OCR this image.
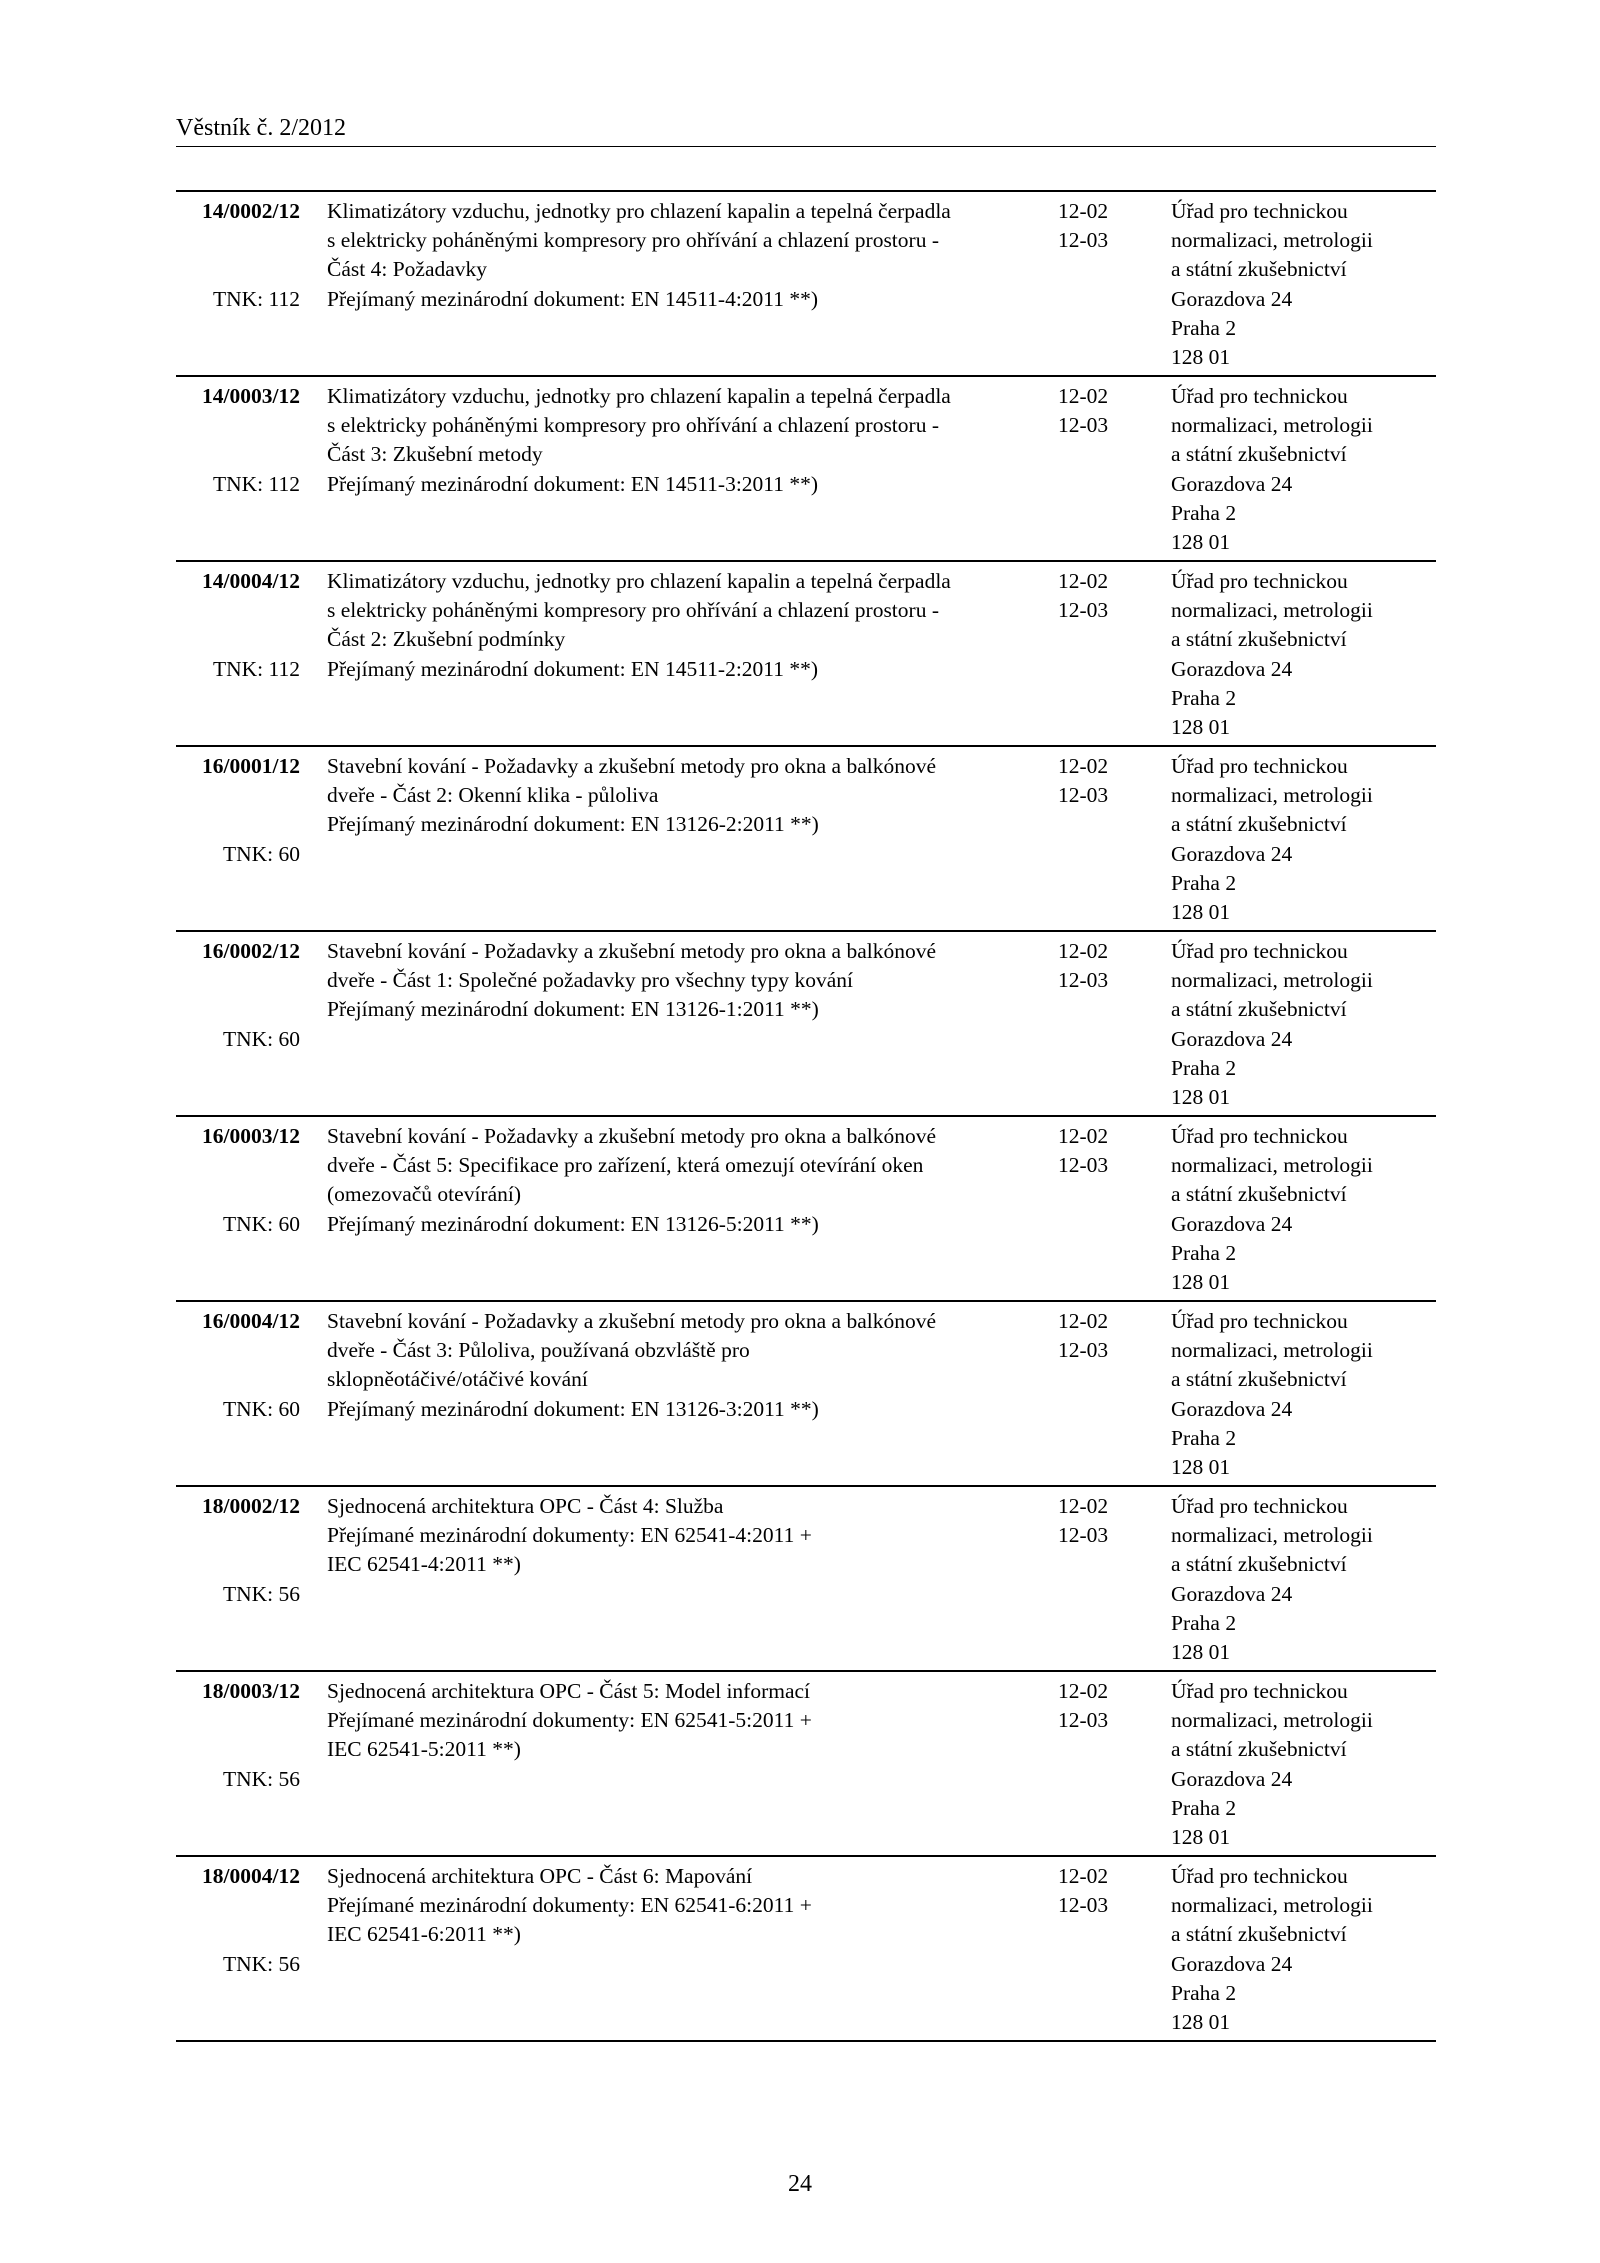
Věstník č. 2/2012
14/0002/12
TNK: 112
Klimatizátory vzduchu, jednotky pro chlazení kapalin a tepelná čerpadla
s elektricky poháněnými kompresory pro ohřívání a chlazení prostoru -
Část 4: Požadavky
Přejímaný mezinárodní dokument: EN 14511-4:2011 **)
12-02
12-03
Úřad pro technickou
normalizaci, metrologii
a státní zkušebnictví
Gorazdova 24
Praha 2
128 01
14/0003/12
TNK: 112
Klimatizátory vzduchu, jednotky pro chlazení kapalin a tepelná čerpadla
s elektricky poháněnými kompresory pro ohřívání a chlazení prostoru -
Část 3: Zkušební metody
Přejímaný mezinárodní dokument: EN 14511-3:2011 **)
12-02
12-03
Úřad pro technickou
normalizaci, metrologii
a státní zkušebnictví
Gorazdova 24
Praha 2
128 01
14/0004/12
TNK: 112
Klimatizátory vzduchu, jednotky pro chlazení kapalin a tepelná čerpadla
s elektricky poháněnými kompresory pro ohřívání a chlazení prostoru -
Část 2: Zkušební podmínky
Přejímaný mezinárodní dokument: EN 14511-2:2011 **)
12-02
12-03
Úřad pro technickou
normalizaci, metrologii
a státní zkušebnictví
Gorazdova 24
Praha 2
128 01
16/0001/12
TNK: 60
Stavební kování - Požadavky a zkušební metody pro okna a balkónové
dveře - Část 2: Okenní klika - půloliva
Přejímaný mezinárodní dokument: EN 13126-2:2011 **)
12-02
12-03
Úřad pro technickou
normalizaci, metrologii
a státní zkušebnictví
Gorazdova 24
Praha 2
128 01
16/0002/12
TNK: 60
Stavební kování - Požadavky a zkušební metody pro okna a balkónové
dveře - Část 1: Společné požadavky pro všechny typy kování
Přejímaný mezinárodní dokument: EN 13126-1:2011 **)
12-02
12-03
Úřad pro technickou
normalizaci, metrologii
a státní zkušebnictví
Gorazdova 24
Praha 2
128 01
16/0003/12
TNK: 60
Stavební kování - Požadavky a zkušební metody pro okna a balkónové
dveře - Část 5: Specifikace pro zařízení, která omezují otevírání oken
(omezovačů otevírání)
Přejímaný mezinárodní dokument: EN 13126-5:2011 **)
12-02
12-03
Úřad pro technickou
normalizaci, metrologii
a státní zkušebnictví
Gorazdova 24
Praha 2
128 01
16/0004/12
TNK: 60
Stavební kování - Požadavky a zkušební metody pro okna a balkónové
dveře - Část 3: Půloliva, používaná obzvláště pro
sklopněotáčivé/otáčivé kování
Přejímaný mezinárodní dokument: EN 13126-3:2011 **)
12-02
12-03
Úřad pro technickou
normalizaci, metrologii
a státní zkušebnictví
Gorazdova 24
Praha 2
128 01
18/0002/12
TNK: 56
Sjednocená architektura OPC - Část 4: Služba
Přejímané mezinárodní dokumenty: EN 62541-4:2011 +
IEC 62541-4:2011 **)
12-02
12-03
Úřad pro technickou
normalizaci, metrologii
a státní zkušebnictví
Gorazdova 24
Praha 2
128 01
18/0003/12
TNK: 56
Sjednocená architektura OPC - Část 5: Model informací
Přejímané mezinárodní dokumenty: EN 62541-5:2011 +
IEC 62541-5:2011 **)
12-02
12-03
Úřad pro technickou
normalizaci, metrologii
a státní zkušebnictví
Gorazdova 24
Praha 2
128 01
18/0004/12
TNK: 56
Sjednocená architektura OPC - Část 6: Mapování
Přejímané mezinárodní dokumenty: EN 62541-6:2011 +
IEC 62541-6:2011 **)
12-02
12-03
Úřad pro technickou
normalizaci, metrologii
a státní zkušebnictví
Gorazdova 24
Praha 2
128 01
24
